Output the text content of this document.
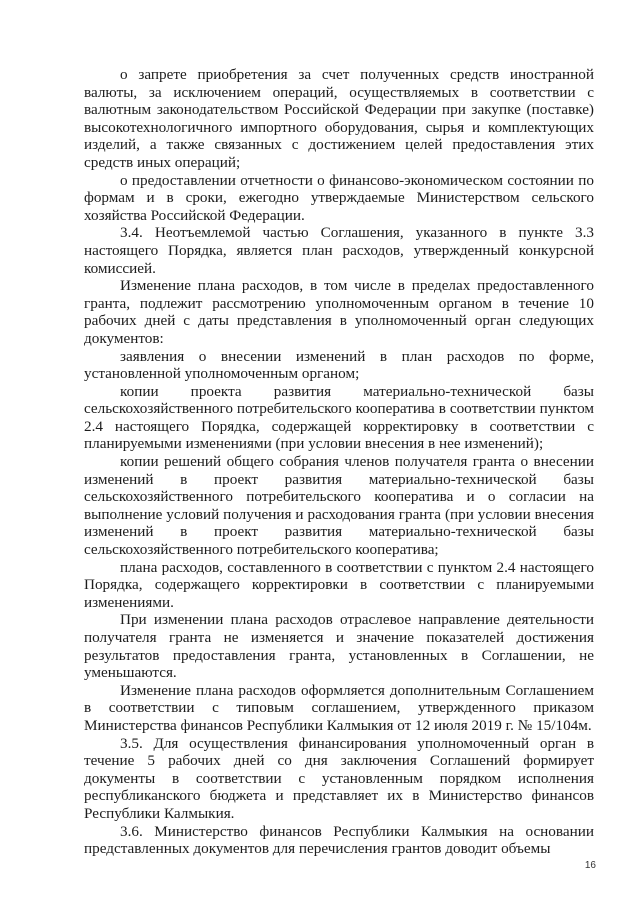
о запрете приобретения за счет полученных средств иностранной валюты, за исключением операций, осуществляемых в соответствии с валютным законодательством Российской Федерации при закупке (поставке) высокотехнологичного импортного оборудования, сырья и комплектующих изделий, а также связанных с достижением целей предоставления этих средств иных операций;

о предоставлении отчетности о финансово-экономическом состоянии по формам и в сроки, ежегодно утверждаемые Министерством сельского хозяйства Российской Федерации.

3.4. Неотъемлемой частью Соглашения, указанного в пункте 3.3 настоящего Порядка, является план расходов, утвержденный конкурсной комиссией.

Изменение плана расходов, в том числе в пределах предоставленного гранта, подлежит рассмотрению уполномоченным органом в течение 10 рабочих дней с даты представления в уполномоченный орган следующих документов:

заявления о внесении изменений в план расходов по форме, установленной уполномоченным органом;

копии проекта развития материально-технической базы сельскохозяйственного потребительского кооператива в соответствии пунктом 2.4 настоящего Порядка, содержащей корректировку в соответствии с планируемыми изменениями (при условии внесения в нее изменений);

копии решений общего собрания членов получателя гранта о внесении изменений в проект развития материально-технической базы сельскохозяйственного потребительского кооператива и о согласии на выполнение условий получения и расходования гранта (при условии внесения изменений в проект развития материально-технической базы сельскохозяйственного потребительского кооператива;

плана расходов, составленного в соответствии с пунктом 2.4 настоящего Порядка, содержащего корректировки в соответствии с планируемыми изменениями.

При изменении плана расходов отраслевое направление деятельности получателя гранта не изменяется и значение показателей достижения результатов предоставления гранта, установленных в Соглашении, не уменьшаются.

Изменение плана расходов оформляется дополнительным Соглашением в соответствии с типовым соглашением, утвержденного приказом Министерства финансов Республики Калмыкия от 12 июля 2019 г. № 15/104м.

3.5. Для осуществления финансирования уполномоченный орган в течение 5 рабочих дней со дня заключения Соглашений формирует документы в соответствии с установленным порядком исполнения республиканского бюджета и представляет их в Министерство финансов Республики Калмыкия.

3.6. Министерство финансов Республики Калмыкия на основании представленных документов для перечисления грантов доводит объемы

16
